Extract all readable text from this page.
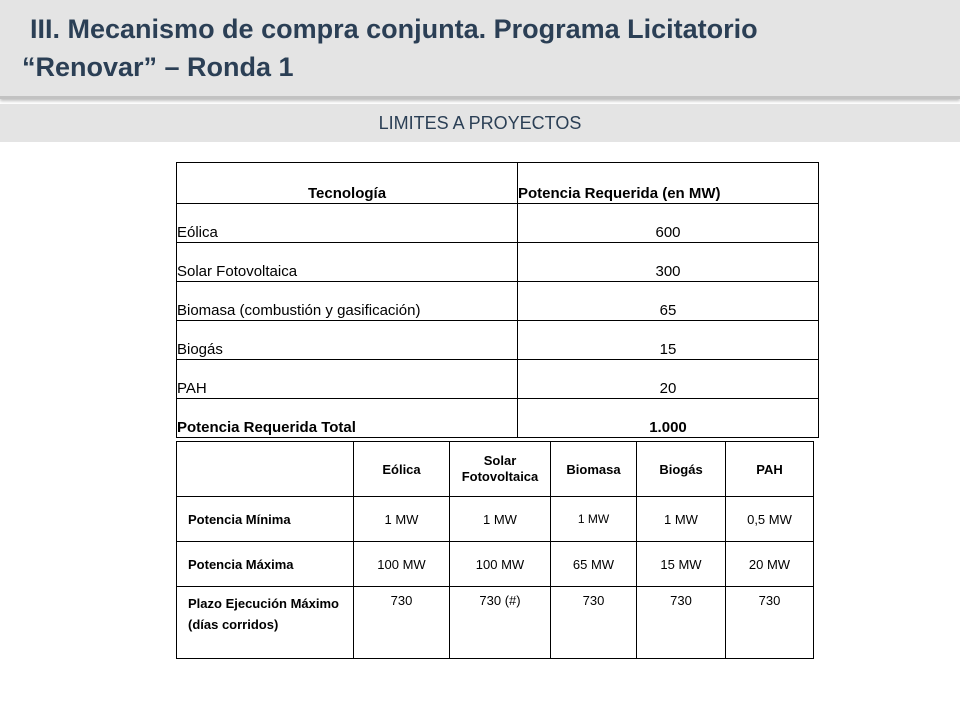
III. Mecanismo de compra conjunta. Programa Licitatorio
“Renovar” – Ronda 1
LIMITES A PROYECTOS
Tecnología	Potencia Requerida (en MW)
Eólica	600
Solar Fotovoltaica	300
Biomasa (combustión y gasificación)	65
Biogás	15
PAH	20
Potencia Requerida Total	1.000
	Eólica	Solar Fotovoltaica	Biomasa	Biogás	PAH
Potencia Mínima	1 MW	1 MW	1 MW	1 MW	0,5 MW
Potencia Máxima	100 MW	100 MW	65 MW	15 MW	20 MW
Plazo Ejecución Máximo (días corridos)	730	730 (#)	730	730	730
